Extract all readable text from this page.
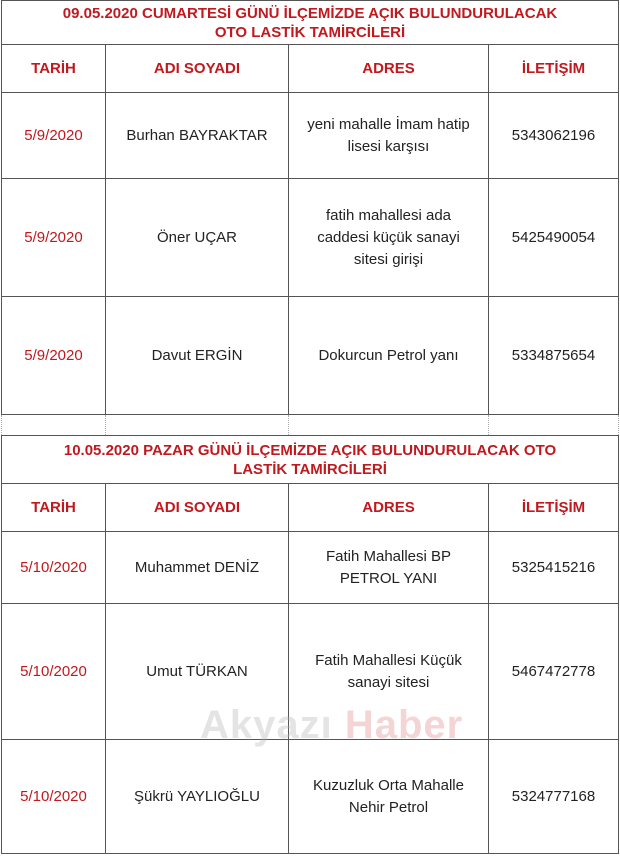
09.05.2020 CUMARTESİ GÜNÜ İLÇEMİZDE AÇIK BULUNDURULACAK
OTO LASTİK TAMİRCİLERİ			

TARİH	ADI SOYADI	ADRES	İLETİŞİM
5/9/2020	Burhan BAYRAKTAR	yeni mahalle İmam hatip
lisesi karşısı	5343062196
5/9/2020	Öner UÇAR	fatih mahallesi ada
caddesi küçük sanayi
sitesi girişi	5425490054
5/9/2020	Davut ERGİN	Dokurcun Petrol yanı	5334875654

10.05.2020 PAZAR GÜNÜ İLÇEMİZDE AÇIK BULUNDURULACAK OTO
LASTİK TAMİRCİLERİ			

TARİH	ADI SOYADI	ADRES	İLETİŞİM
5/10/2020	Muhammet DENİZ	Fatih Mahallesi BP
PETROL YANI	5325415216
5/10/2020	Umut TÜRKAN	Fatih Mahallesi Küçük
sanayi sitesi	5467472778
5/10/2020	Şükrü YAYLIOĞLU	Kuzuzluk Orta Mahalle
Nehir Petrol	5324777168
Akyazı Haber
